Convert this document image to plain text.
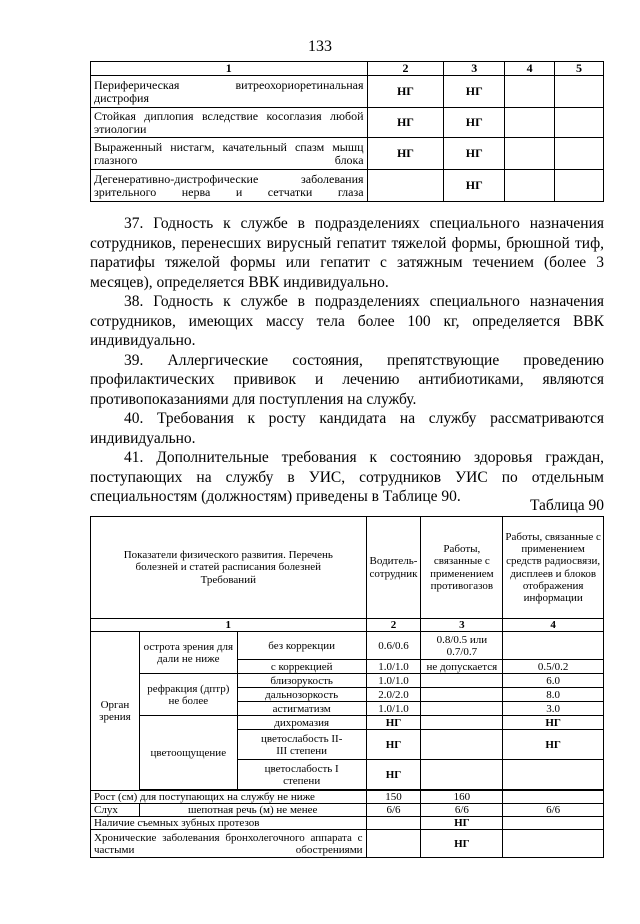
133
1	2	3	4	5
Периферическая витреохориоретинальная дистрофия	НГ	НГ		
Стойкая диплопия вследствие косоглазия любой этиологии	НГ	НГ		
Выраженный нистагм, качательный спазм мышц глазного блока	НГ	НГ		
Дегенеративно-дистрофические заболевания зрительного нерва и сетчатки глаза		НГ		

37. Годность к службе в подразделениях специального назначения сотрудников, перенесших вирусный гепатит тяжелой формы, брюшной тиф, паратифы тяжелой формы или гепатит с затяжным течением (более 3 месяцев), определяется ВВК индивидуально.

38. Годность к службе в подразделениях специального назначения сотрудников, имеющих массу тела более 100 кг, определяется ВВК индивидуально.

39. Аллергические состояния, препятствующие проведению профилактических прививок и лечению антибиотиками, являются противопоказаниями для поступления на службу.

40. Требования к росту кандидата на службу рассматриваются индивидуально.

41. Дополнительные требования к состоянию здоровья граждан, поступающих на службу в УИС, сотрудников УИС по отдельным специальностям (должностям) приведены в Таблице 90.

Таблица 90
Показатели физического развития. Перечень болезней и статей расписания болезней Требований			Водитель-сотрудник	Работы, связанные с применением противогазов	Работы, связанные с применением средств радиосвязи, дисплеев и блоков отображения информации
1			2	3	4
Орган зрения	острота зрения для дали не ниже	без коррекции	0.6/0.6	0.8/0.5 или 0.7/0.7	
		с коррекцией	1.0/1.0	не допускается	0.5/0.2
	рефракция (дптр) не более	близорукость	1.0/1.0		6.0
		дальнозоркость	2.0/2.0		8.0
		астигматизм	1.0/1.0		3.0
	цветоощущение	дихромазия	НГ		НГ
		цветослабость II-III степени	НГ		НГ
		цветослабость I степени	НГ		

Рост (см) для поступающих на службу не ниже			150	160	
Слух	шепотная речь (м) не менее		6/6	6/6	6/6
Наличие съемных зубных протезов				НГ	
Хронические заболевания бронхолегочного аппарата с частыми обострениями				НГ	
